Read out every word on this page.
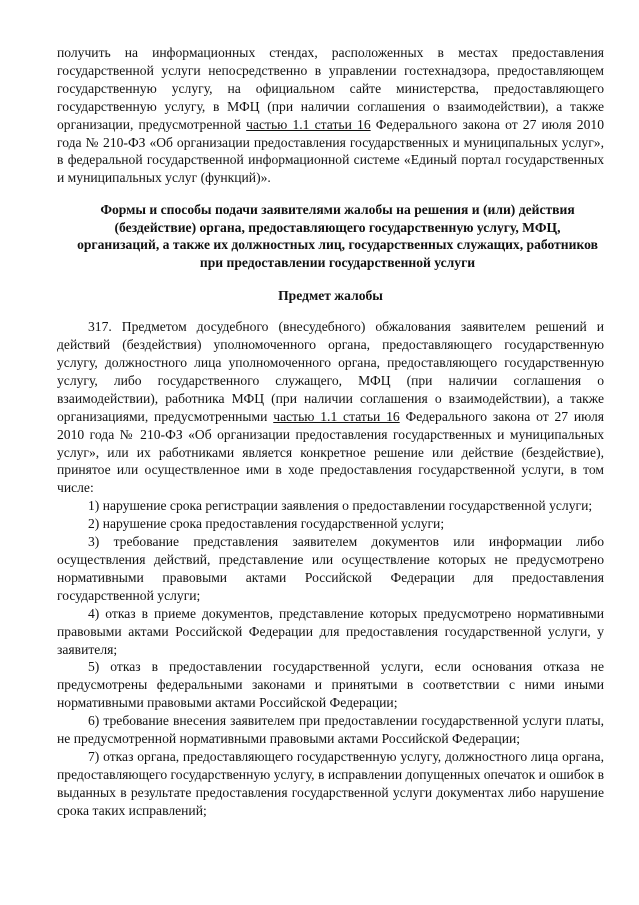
получить на информационных стендах, расположенных в местах предоставления государственной услуги непосредственно в управлении гостехнадзора, предоставляющем государственную услугу, на официальном сайте министерства, предоставляющего государственную услугу, в МФЦ (при наличии соглашения о взаимодействии), а также организации, предусмотренной частью 1.1 статьи 16 Федерального закона от 27 июля 2010 года № 210-ФЗ «Об организации предоставления государственных и муниципальных услуг», в федеральной государственной информационной системе «Единый портал государственных и муниципальных услуг (функций)».

Формы и способы подачи заявителями жалобы на решения и (или) действия (бездействие) органа, предоставляющего государственную услугу, МФЦ, организаций, а также их должностных лиц, государственных служащих, работников при предоставлении государственной услуги
Предмет жалобы

317. Предметом досудебного (внесудебного) обжалования заявителем решений и действий (бездействия) уполномоченного органа, предоставляющего государственную услугу, должностного лица уполномоченного органа, предоставляющего государственную услугу, либо государственного служащего, МФЦ (при наличии соглашения о взаимодействии), работника МФЦ (при наличии соглашения о взаимодействии), а также организациями, предусмотренными частью 1.1 статьи 16 Федерального закона от 27 июля 2010 года № 210-ФЗ «Об организации предоставления государственных и муниципальных услуг», или их работниками является конкретное решение или действие (бездействие), принятое или осуществленное ими в ходе предоставления государственной услуги, в том числе:

1) нарушение срока регистрации заявления о предоставлении государственной услуги;

2) нарушение срока предоставления государственной услуги;

3) требование представления заявителем документов или информации либо осуществления действий, представление или осуществление которых не предусмотрено нормативными правовыми актами Российской Федерации для предоставления государственной услуги;

4) отказ в приеме документов, представление которых предусмотрено нормативными правовыми актами Российской Федерации для предоставления государственной услуги, у заявителя;

5) отказ в предоставлении государственной услуги, если основания отказа не предусмотрены федеральными законами и принятыми в соответствии с ними иными нормативными правовыми актами Российской Федерации;

6) требование внесения заявителем при предоставлении государственной услуги платы, не предусмотренной нормативными правовыми актами Российской Федерации;

7) отказ органа, предоставляющего государственную услугу, должностного лица органа, предоставляющего государственную услугу, в исправлении допущенных опечаток и ошибок в выданных в результате предоставления государственной услуги документах либо нарушение срока таких исправлений;
